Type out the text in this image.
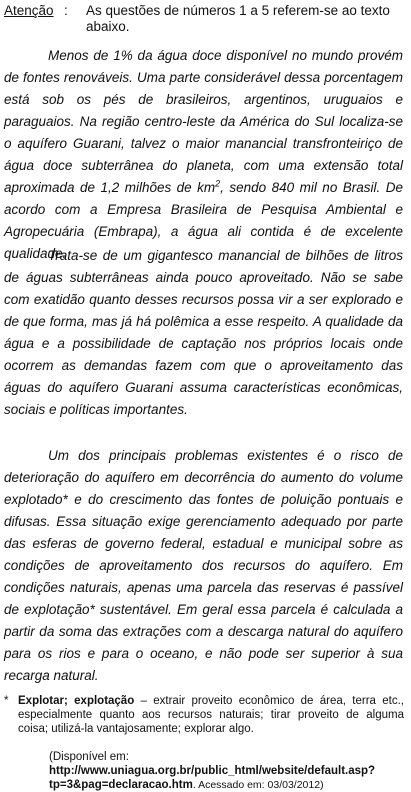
Atenção : As questões de números 1 a 5 referem-se ao texto abaixo.

Menos de 1% da água doce disponível no mundo provém de fontes renováveis. Uma parte considerável dessa porcentagem está sob os pés de brasileiros, argentinos, uruguaios e paraguaios. Na região centro-leste da América do Sul localiza-se o aquífero Guarani, talvez o maior manancial transfronteiriço de água doce subterrânea do planeta, com uma extensão total aproximada de 1,2 milhões de $km^2$, sendo 840 mil no Brasil. De acordo com a Empresa Brasileira de Pesquisa Ambiental e Agropecuária (Embrapa), a água ali contida é de excelente qualidade.

Trata-se de um gigantesco manancial de bilhões de litros de águas subterrâneas ainda pouco aproveitado. Não se sabe com exatidão quanto desses recursos possa vir a ser explorado e de que forma, mas já há polêmica a esse respeito. A qualidade da água e a possibilidade de captação nos próprios locais onde ocorrem as demandas fazem com que o aproveitamento das águas do aquífero Guarani assuma características econômicas, sociais e políticas importantes.

Um dos principais problemas existentes é o risco de deterioração do aquífero em decorrência do aumento do volume explotado* e do crescimento das fontes de poluição pontuais e difusas. Essa situação exige gerenciamento adequado por parte das esferas de governo federal, estadual e municipal sobre as condições de aproveitamento dos recursos do aquífero. Em condições naturais, apenas uma parcela das reservas é passível de explotação* sustentável. Em geral essa parcela é calculada a partir da soma das extrações com a descarga natural do aquífero para os rios e para o oceano, e não pode ser superior à sua recarga natural.

* Explotar; explotação – extrair proveito econômico de área, terra etc., especialmente quanto aos recursos naturais; tirar proveito de alguma coisa; utilizá-la vantajosamente; explorar algo.
(Disponível em: http://www.uniagua.org.br/public_html/website/default.asp?tp=3&pag=declaracao.htm. Acessado em: 03/03/2012)
